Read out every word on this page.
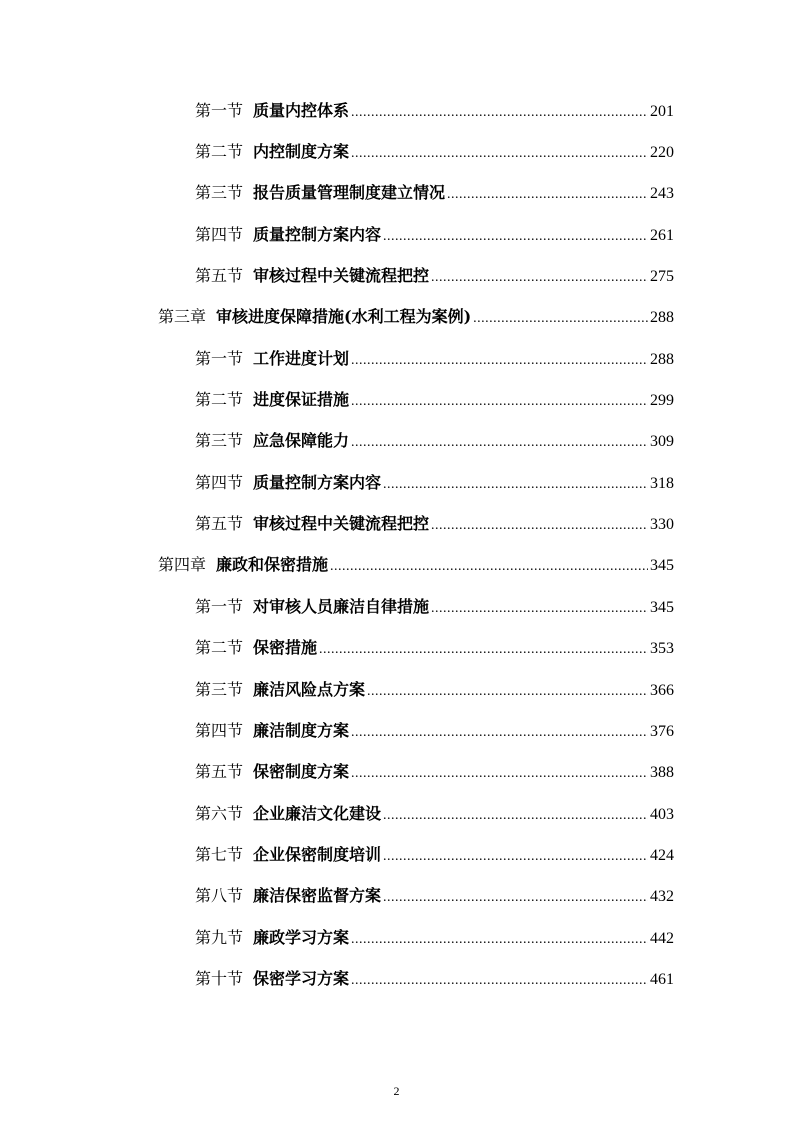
第一节 质量内控体系 .....	201
第二节 内控制度方案 .....	220
第三节 报告质量管理制度建立情况 .....	243
第四节 质量控制方案内容 .....	261
第五节 审核过程中关键流程把控 .....	275
第三章 审核进度保障措施(水利工程为案例) .....	288
第一节 工作进度计划 .....	288
第二节 进度保证措施 .....	299
第三节 应急保障能力 .....	309
第四节 质量控制方案内容 .....	318
第五节 审核过程中关键流程把控 .....	330
第四章 廉政和保密措施 .....	345
第一节 对审核人员廉洁自律措施 .....	345
第二节 保密措施 .....	353
第三节 廉洁风险点方案 .....	366
第四节 廉洁制度方案 .....	376
第五节 保密制度方案 .....	388
第六节 企业廉洁文化建设 .....	403
第七节 企业保密制度培训 .....	424
第八节 廉洁保密监督方案 .....	432
第九节 廉政学习方案 .....	442
第十节 保密学习方案 .....	461
2
